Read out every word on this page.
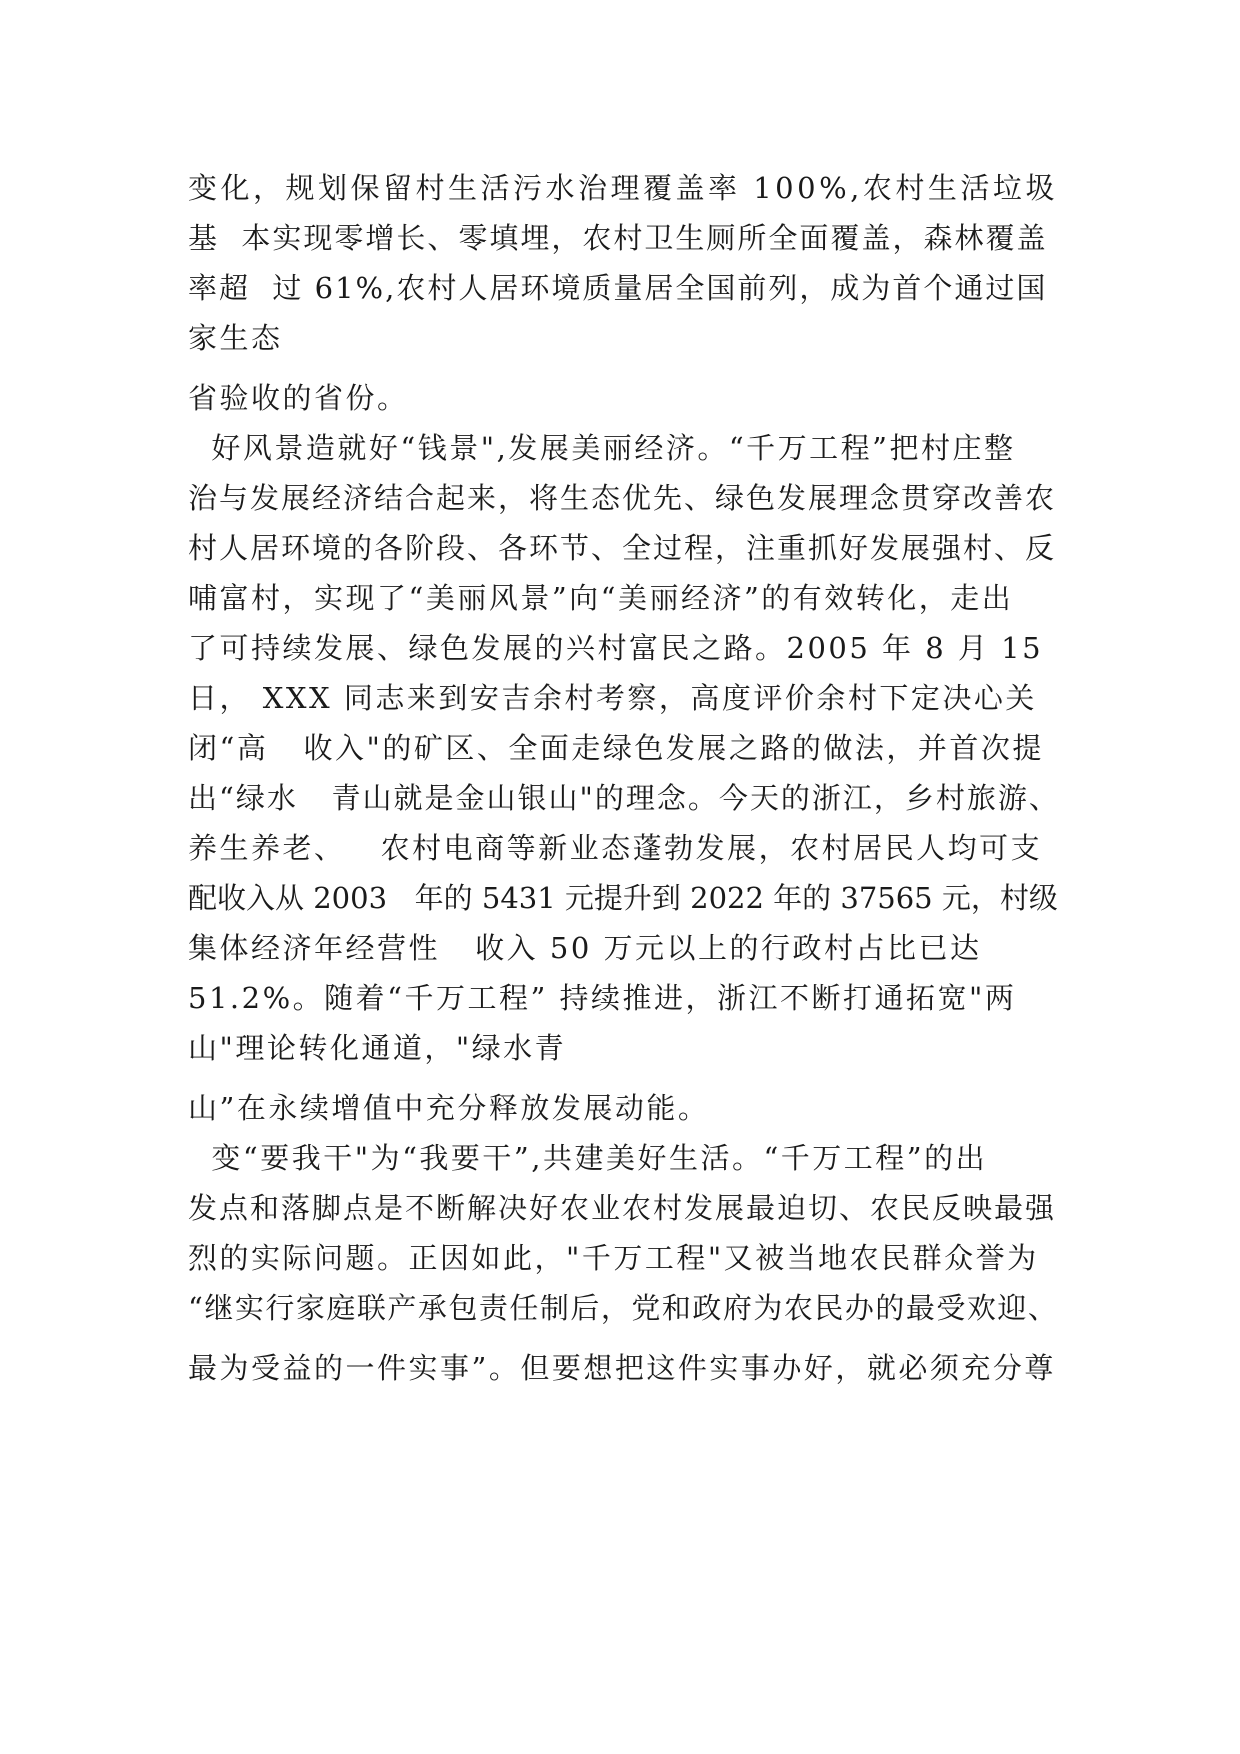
变化，规划保留村生活污水治理覆盖率 100%,农村生活垃圾
基  本实现零增长、零填埋，农村卫生厕所全面覆盖，森林覆盖
率超  过 61%,农村人居环境质量居全国前列，成为首个通过国
家生态
省验收的省份。
好风景造就好“钱景",发展美丽经济。“千万工程”把村庄整
治与发展经济结合起来，将生态优先、绿色发展理念贯穿改善农
村人居环境的各阶段、各环节、全过程，注重抓好发展强村、反
哺富村，实现了“美丽风景”向“美丽经济”的有效转化，走出
了可持续发展、绿色发展的兴村富民之路。2005 年 8 月 15
日， XXX 同志来到安吉余村考察，高度评价余村下定决心关
闭“高   收入"的矿区、全面走绿色发展之路的做法，并首次提
出“绿水   青山就是金山银山"的理念。今天的浙江，乡村旅游、
养生养老、   农村电商等新业态蓬勃发展，农村居民人均可支
配收入从 2003   年的 5431 元提升到 2022 年的 37565 元，村级
集体经济年经营性   收入 50 万元以上的行政村占比已达
51.2%。随着“千万工程” 持续推进，浙江不断打通拓宽"两
山"理论转化通道，"绿水青
山”在永续增值中充分释放发展动能。
变“要我干"为“我要干”,共建美好生活。“千万工程”的出
发点和落脚点是不断解决好农业农村发展最迫切、农民反映最强
烈的实际问题。正因如此，"千万工程"又被当地农民群众誉为
“继实行家庭联产承包责任制后，党和政府为农民办的最受欢迎、
最为受益的一件实事”。但要想把这件实事办好，就必须充分尊
